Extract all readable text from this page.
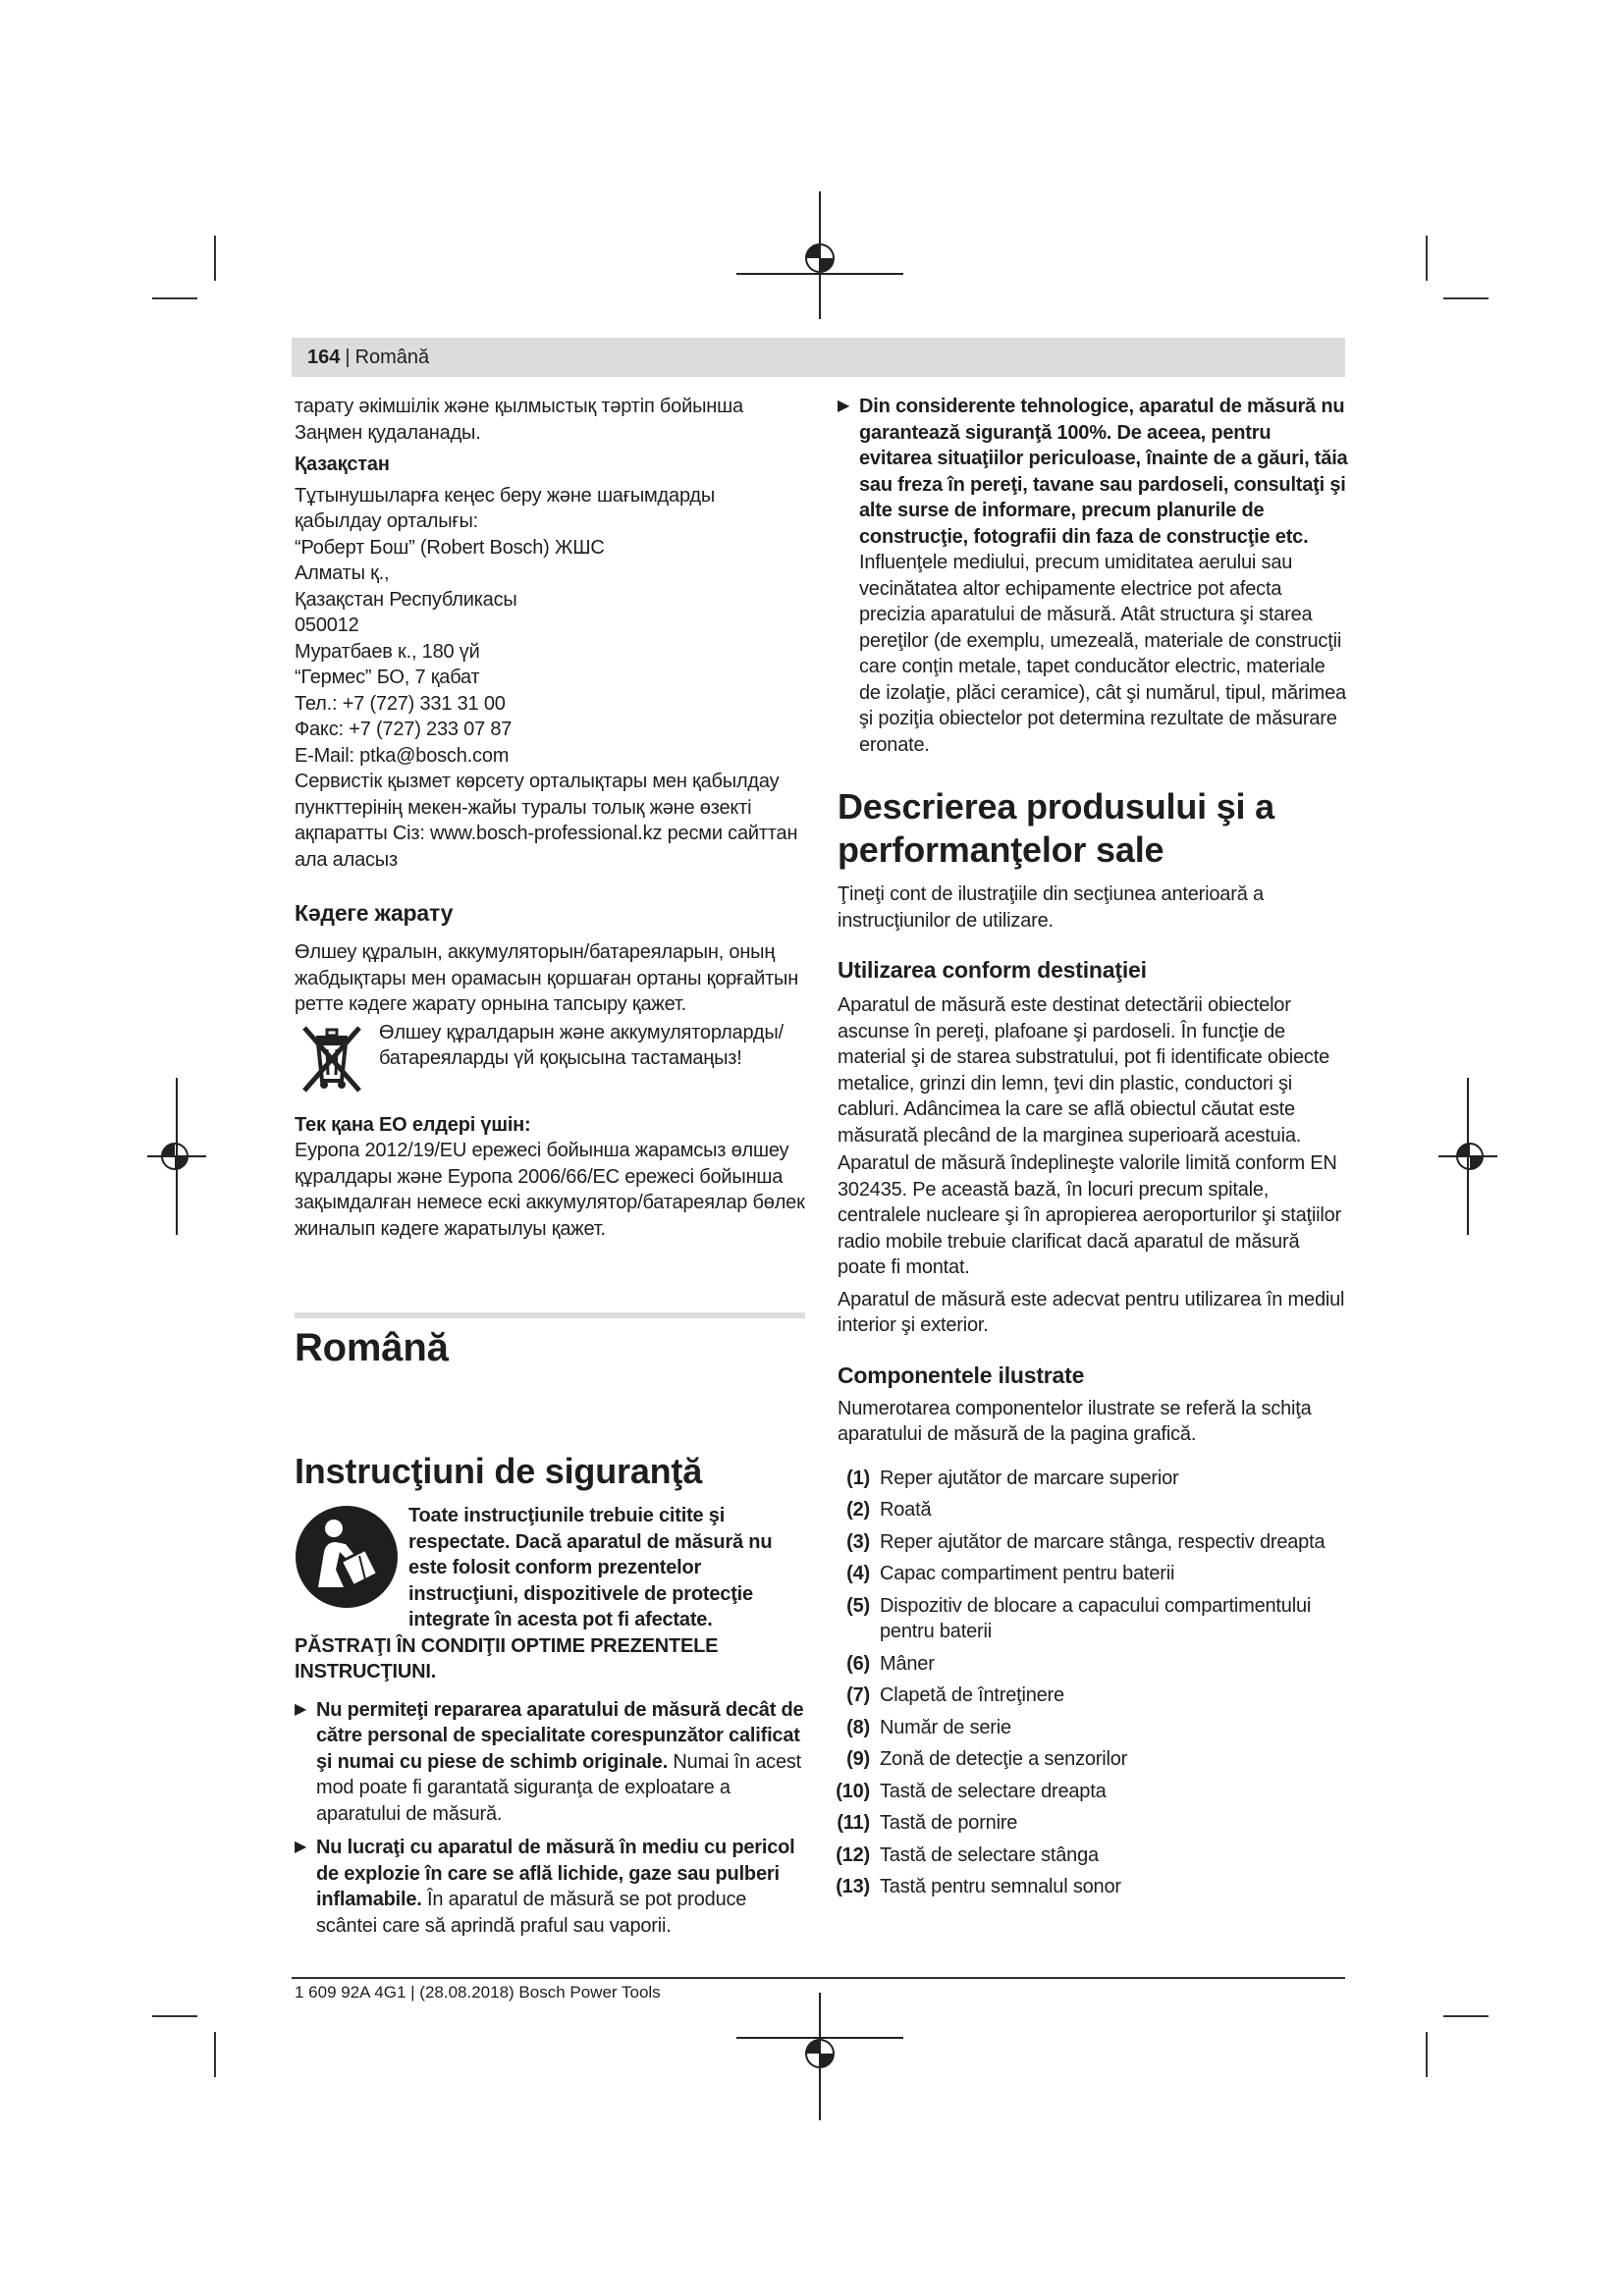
164 | Română

тарату әкімшілік және қылмыстық тәртіп бойынша Заңмен қудаланады.

Қазақстан

Тұтынушыларға кеңес беру және шағымдарды қабылдау орталығы:

“Роберт Бош” (Robert Bosch) ЖШС

Алматы қ.,

Қазақстан Республикасы

050012

Муратбаев к., 180 үй

“Гермес” БО, 7 қабат

Тел.: +7 (727) 331 31 00

Факс: +7 (727) 233 07 87

E-Mail: ptka@bosch.com

Сервистік қызмет көрсету орталықтары мен қабылдау пункттерінің мекен-жайы туралы толық және өзекті ақпаратты Сіз: www.bosch-professional.kz ресми сайттан ала аласыз

Кәдеге жарату

Өлшеу құралын, аккумуляторын/батареяларын, оның жабдықтары мен орамасын қоршаған ортаны қорғайтын ретте кәдеге жарату орнына тапсыру қажет.

Өлшеу құралдарын және аккумуляторларды/батареяларды үй қоқысына тастамаңыз!

Тек қана ЕО елдері үшін:

Еуропа 2012/19/EU ережесі бойынша жарамсыз өлшеу құралдары және Еуропа 2006/66/EC ережесі бойынша зақымдалған немесе ескі аккумулятор/батареялар бөлек жиналып кәдеге жаратылуы қажет.

Română
Instrucţiuni de siguranţă

Toate instrucţiunile trebuie citite şi respectate. Dacă aparatul de măsură nu este folosit conform prezentelor instrucţiuni, dispozitivele de protecţie integrate în acesta pot fi afectate. PĂSTRAŢI ÎN CONDIŢII OPTIME PREZENTELE INSTRUCŢIUNI.

▶ Nu permiteţi repararea aparatului de măsură decât de către personal de specialitate corespunzător calificat şi numai cu piese de schimb originale. Numai în acest mod poate fi garantată siguranţa de exploatare a aparatului de măsură.
▶ Nu lucraţi cu aparatul de măsură în mediu cu pericol de explozie în care se află lichide, gaze sau pulberi inflamabile. În aparatul de măsură se pot produce scântei care să aprindă praful sau vaporii.
▶ Din considerente tehnologice, aparatul de măsură nu garantează siguranţă 100%. De aceea, pentru evitarea situaţiilor periculoase, înainte de a găuri, tăia sau freza în pereţi, tavane sau pardoseli, consultaţi şi alte surse de informare, precum planurile de construcţie, fotografii din faza de construcţie etc. Influenţele mediului, precum umiditatea aerului sau vecinătatea altor echipamente electrice pot afecta precizia aparatului de măsură. Atât structura şi starea pereţilor (de exemplu, umezeală, materiale de construcţii care conţin metale, tapet conducător electric, materiale de izolaţie, plăci ceramice), cât şi numărul, tipul, mărimea şi poziţia obiectelor pot determina rezultate de măsurare eronate.
Descrierea produsului şi a performanţelor sale

Ţineţi cont de ilustraţiile din secţiunea anterioară a instrucţiunilor de utilizare.

Utilizarea conform destinaţiei

Aparatul de măsură este destinat detectării obiectelor ascunse în pereţi, plafoane şi pardoseli. În funcţie de material şi de starea substratului, pot fi identificate obiecte metalice, grinzi din lemn, ţevi din plastic, conductori şi cabluri. Adâncimea la care se află obiectul căutat este măsurată plecând de la marginea superioară acestuia.

Aparatul de măsură îndeplineşte valorile limită conform EN 302435. Pe această bază, în locuri precum spitale, centralele nucleare şi în apropierea aeroporturilor şi staţiilor radio mobile trebuie clarificat dacă aparatul de măsură poate fi montat.

Aparatul de măsură este adecvat pentru utilizarea în mediul interior şi exterior.

Componentele ilustrate

Numerotarea componentelor ilustrate se referă la schiţa aparatului de măsură de la pagina grafică.

(1) Reper ajutător de marcare superior
(2) Roată
(3) Reper ajutător de marcare stânga, respectiv dreapta
(4) Capac compartiment pentru baterii
(5) Dispozitiv de blocare a capacului compartimentului pentru baterii
(6) Mâner
(7) Clapetă de întreţinere
(8) Număr de serie
(9) Zonă de detecţie a senzorilor
(10) Tastă de selectare dreapta
(11) Tastă de pornire
(12) Tastă de selectare stânga
(13) Tastă pentru semnalul sonor
1 609 92A 4G1 | (28.08.2018) Bosch Power Tools
